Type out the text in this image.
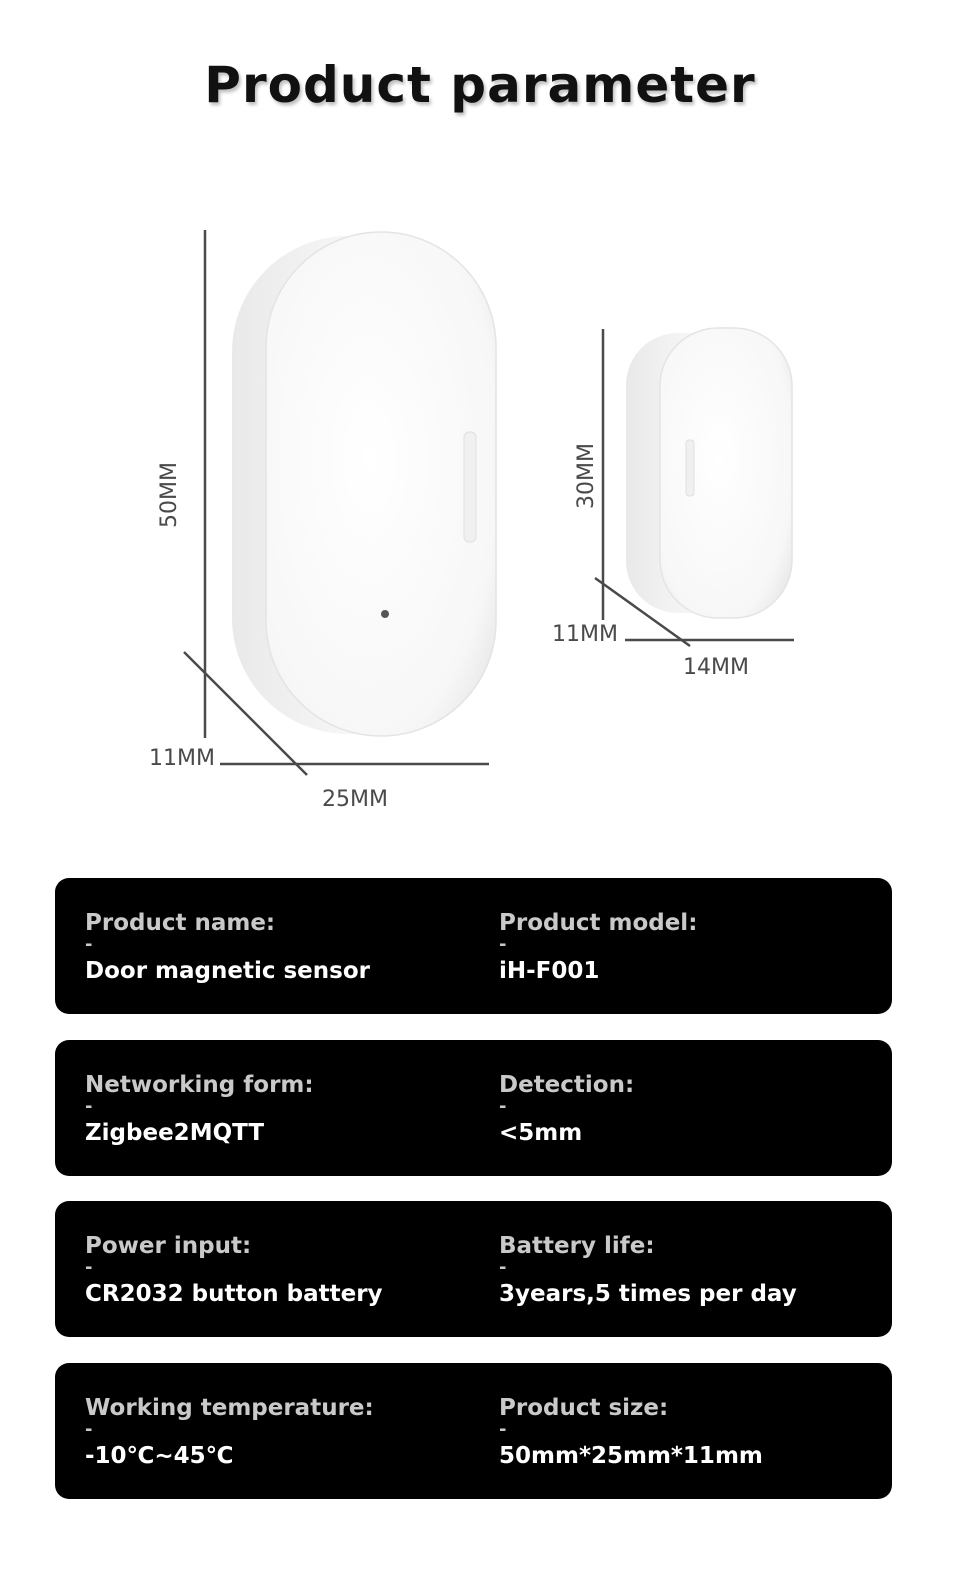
Product parameter
50MM
11MM
25MM
30MM
11MM
14MM
Product name:
-
Door magnetic sensor
Product model:
-
iH-F001
Networking form:
-
Zigbee2MQTT
Detection:
-
<5mm
Power input:
-
CR2032 button battery
Battery life:
-
3years,5 times per day
Working temperature:
-
-10℃~45℃
Product size:
-
50mm*25mm*11mm
